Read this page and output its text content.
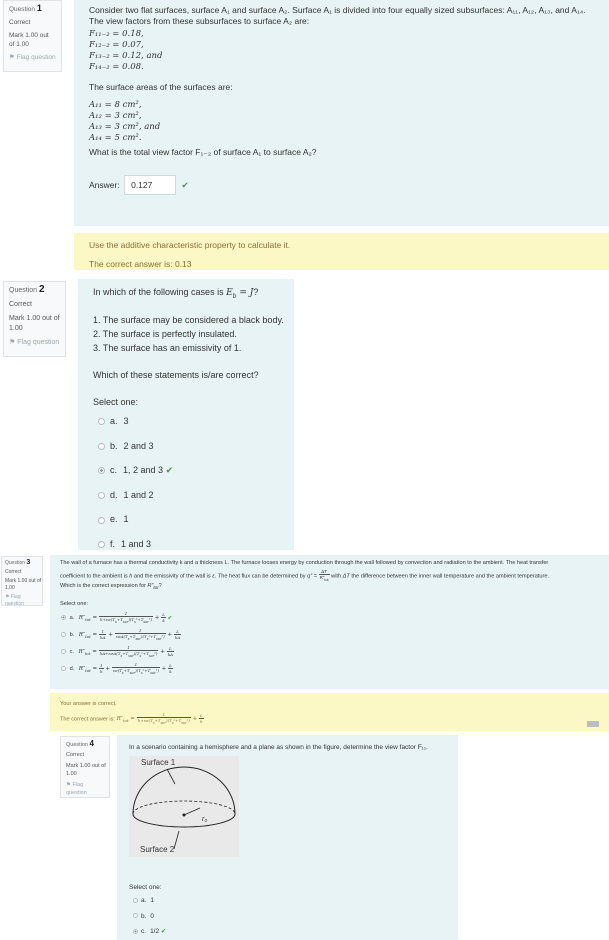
Question 1
Correct
Mark 1.00 out of 1.00
⚑ Flag question
Consider two flat surfaces, surface A₁ and surface A₂. Surface A₁ is divided into four equally sized subsurfaces: A₁₁, A₁₂, A₁₃, and A₁₄.
The view factors from these subsurfaces to surface A₂ are:
F₁₁₋₂ = 0.18,
F₁₂₋₂ = 0.07,
F₁₃₋₂ = 0.12, and
F₁₄₋₂ = 0.08.
The surface areas of the surfaces are:
A₁₁ = 8 cm²,
A₁₂ = 3 cm²,
A₁₃ = 3 cm², and
A₁₄ = 5 cm².
What is the total view factor F₁₋₂ of surface A₁ to surface A₂?
Answer: 0.127	✔
Use the additive characteristic property to calculate it.
The correct answer is: 0.13
Question 2
Correct
Mark 1.00 out of 1.00
⚑ Flag question
In which of the following cases is $E_b = J$?
1. The surface may be considered a black body.
2. The surface is perfectly insulated.
3. The surface has an emissivity of 1.
Which of these statements is/are correct?
Select one:
a. 3
b. 2 and 3
c. 1, 2 and 3 ✔
d. 1 and 2
e. 1
f. 1 and 3
Question 3
Correct
Mark 1.00 out of 1.00
⚑ Flag question
The wall of a furnace has a thermal conductivity k and a thickness L. The furnace looses energy by conduction through the wall followed by convection and radiation to the ambient. The heat transfer
coefficient to the ambient is h and the emissivity of the wall is ε. The heat flux can be determined by $q'' = \frac{\Delta T}{R''_{tot}}$ with ΔT the difference between the inner wall temperature and the ambient temperature.
Which is the correct expression for $R''_{tot}$?
Select one:
a. $R''_{tot} = \frac{1}{h+\varepsilon\sigma(T_s+T_{sur})(T_s^2+T_{sur}^2)} + \frac{L}{k}$ ✔
b. $R''_{tot} = \frac{1}{hA} + \frac{1}{\varepsilon\sigma A(T_s+T_{sur})(T_s^2+T_{sur}^2)} + \frac{L}{kA}$
c. $R''_{tot} = \frac{1}{hA+\varepsilon\sigma A(T_s+T_{sur})(T_s^2+T_{sur}^2)} + \frac{L}{kA}$
d. $R''_{tot} = \frac{1}{h} + \frac{1}{\varepsilon\sigma(T_s+T_{sur})(T_s^2+T_{sur}^2)} + \frac{L}{k}$
Your answer is correct.
The correct answer is: $R''_{tot} = \frac{1}{h+\varepsilon\sigma(T_s+T_{sur})(T_s^2+T_{sur}^2)} + \frac{L}{k}$
Question 4
Correct
Mark 1.00 out of 1.00
⚑ Flag question
In a scenario containing a hemisphere and a plane as shown in the figure, determine the view factor F₁₁.
Surface 1
r₀
Surface 2
Select one:
a. 1
b. 0
c. 1/2 ✔
